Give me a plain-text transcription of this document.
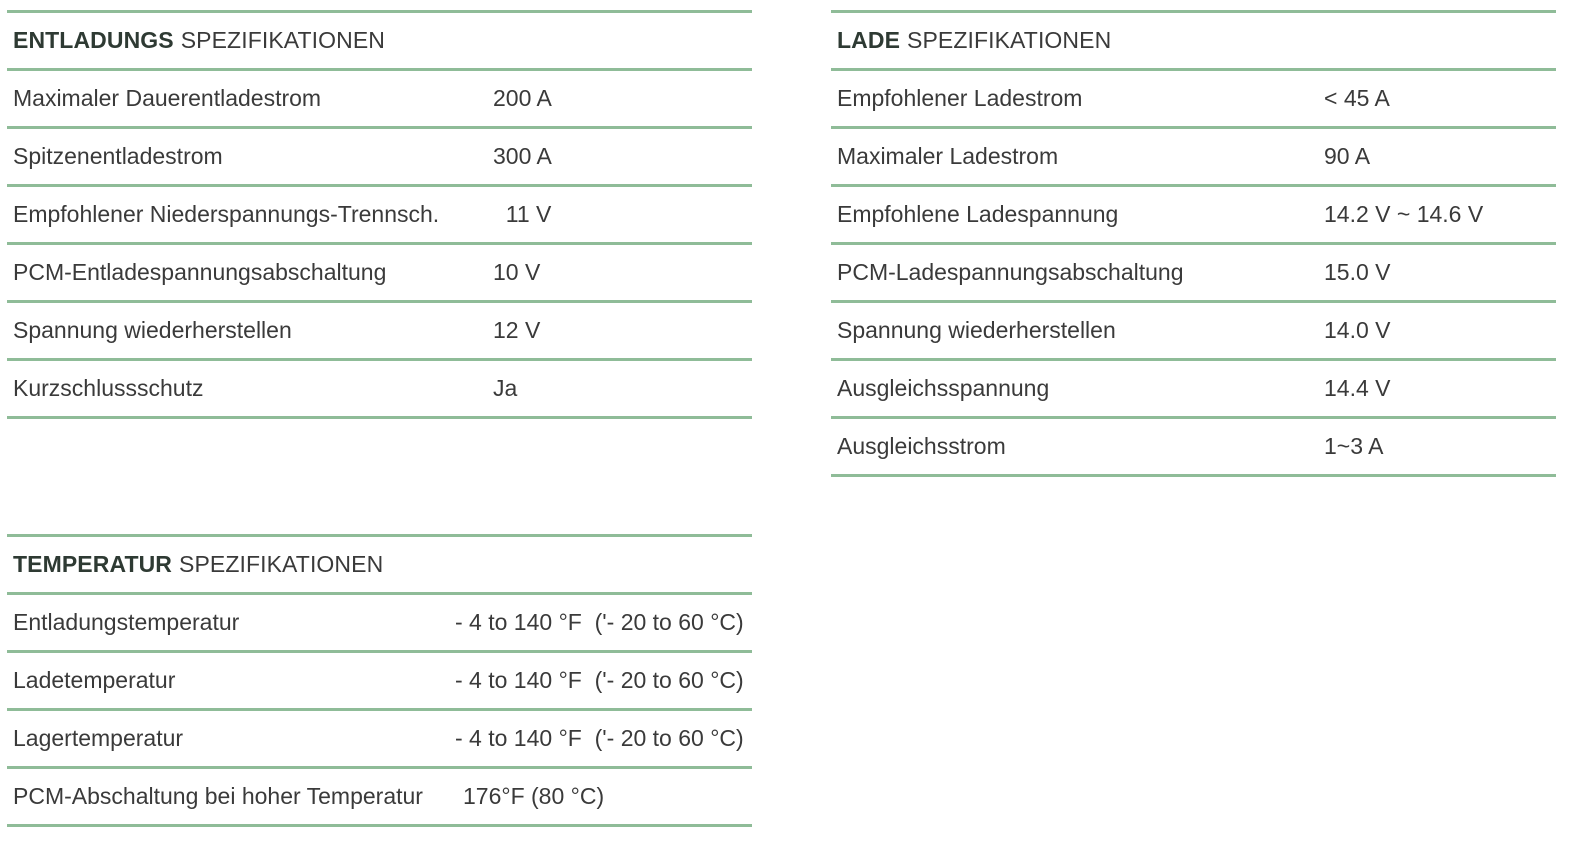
ENTLADUNGS SPEZIFIKATIONEN
Maximaler Dauerentladestrom	200 A
Spitzenentladestrom	300 A
Empfohlener Niederspannungs-Trennsch.	11 V
PCM-Entladespannungsabschaltung	10 V
Spannung wiederherstellen	12 V
Kurzschlussschutz	Ja
LADE SPEZIFIKATIONEN
Empfohlener Ladestrom	< 45 A
Maximaler Ladestrom	90 A
Empfohlene Ladespannung	14.2 V ~ 14.6 V
PCM-Ladespannungsabschaltung	15.0 V
Spannung wiederherstellen	14.0 V
Ausgleichsspannung	14.4 V
Ausgleichsstrom	1~3 A
TEMPERATUR SPEZIFIKATIONEN
Entladungstemperatur	- 4 to 140 °F  ('- 20 to 60 °C)
Ladetemperatur	- 4 to 140 °F  ('- 20 to 60 °C)
Lagertemperatur	- 4 to 140 °F  ('- 20 to 60 °C)
PCM-Abschaltung bei hoher Temperatur	176°F (80 °C)
